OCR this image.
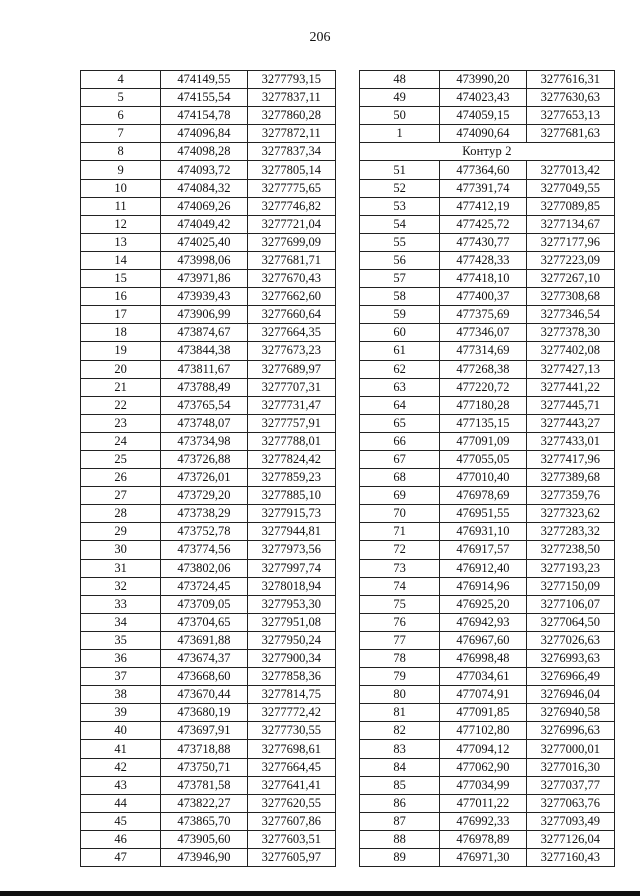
206
4	474149,55	3277793,15
5	474155,54	3277837,11
6	474154,78	3277860,28
7	474096,84	3277872,11
8	474098,28	3277837,34
9	474093,72	3277805,14
10	474084,32	3277775,65
11	474069,26	3277746,82
12	474049,42	3277721,04
13	474025,40	3277699,09
14	473998,06	3277681,71
15	473971,86	3277670,43
16	473939,43	3277662,60
17	473906,99	3277660,64
18	473874,67	3277664,35
19	473844,38	3277673,23
20	473811,67	3277689,97
21	473788,49	3277707,31
22	473765,54	3277731,47
23	473748,07	3277757,91
24	473734,98	3277788,01
25	473726,88	3277824,42
26	473726,01	3277859,23
27	473729,20	3277885,10
28	473738,29	3277915,73
29	473752,78	3277944,81
30	473774,56	3277973,56
31	473802,06	3277997,74
32	473724,45	3278018,94
33	473709,05	3277953,30
34	473704,65	3277951,08
35	473691,88	3277950,24
36	473674,37	3277900,34
37	473668,60	3277858,36
38	473670,44	3277814,75
39	473680,19	3277772,42
40	473697,91	3277730,55
41	473718,88	3277698,61
42	473750,71	3277664,45
43	473781,58	3277641,41
44	473822,27	3277620,55
45	473865,70	3277607,86
46	473905,60	3277603,51
47	473946,90	3277605,97
48	473990,20	3277616,31
49	474023,43	3277630,63
50	474059,15	3277653,13
1	474090,64	3277681,63
Контур 2		
51	477364,60	3277013,42
52	477391,74	3277049,55
53	477412,19	3277089,85
54	477425,72	3277134,67
55	477430,77	3277177,96
56	477428,33	3277223,09
57	477418,10	3277267,10
58	477400,37	3277308,68
59	477375,69	3277346,54
60	477346,07	3277378,30
61	477314,69	3277402,08
62	477268,38	3277427,13
63	477220,72	3277441,22
64	477180,28	3277445,71
65	477135,15	3277443,27
66	477091,09	3277433,01
67	477055,05	3277417,96
68	477010,40	3277389,68
69	476978,69	3277359,76
70	476951,55	3277323,62
71	476931,10	3277283,32
72	476917,57	3277238,50
73	476912,40	3277193,23
74	476914,96	3277150,09
75	476925,20	3277106,07
76	476942,93	3277064,50
77	476967,60	3277026,63
78	476998,48	3276993,63
79	477034,61	3276966,49
80	477074,91	3276946,04
81	477091,85	3276940,58
82	477102,80	3276996,63
83	477094,12	3277000,01
84	477062,90	3277016,30
85	477034,99	3277037,77
86	477011,22	3277063,76
87	476992,33	3277093,49
88	476978,89	3277126,04
89	476971,30	3277160,43
